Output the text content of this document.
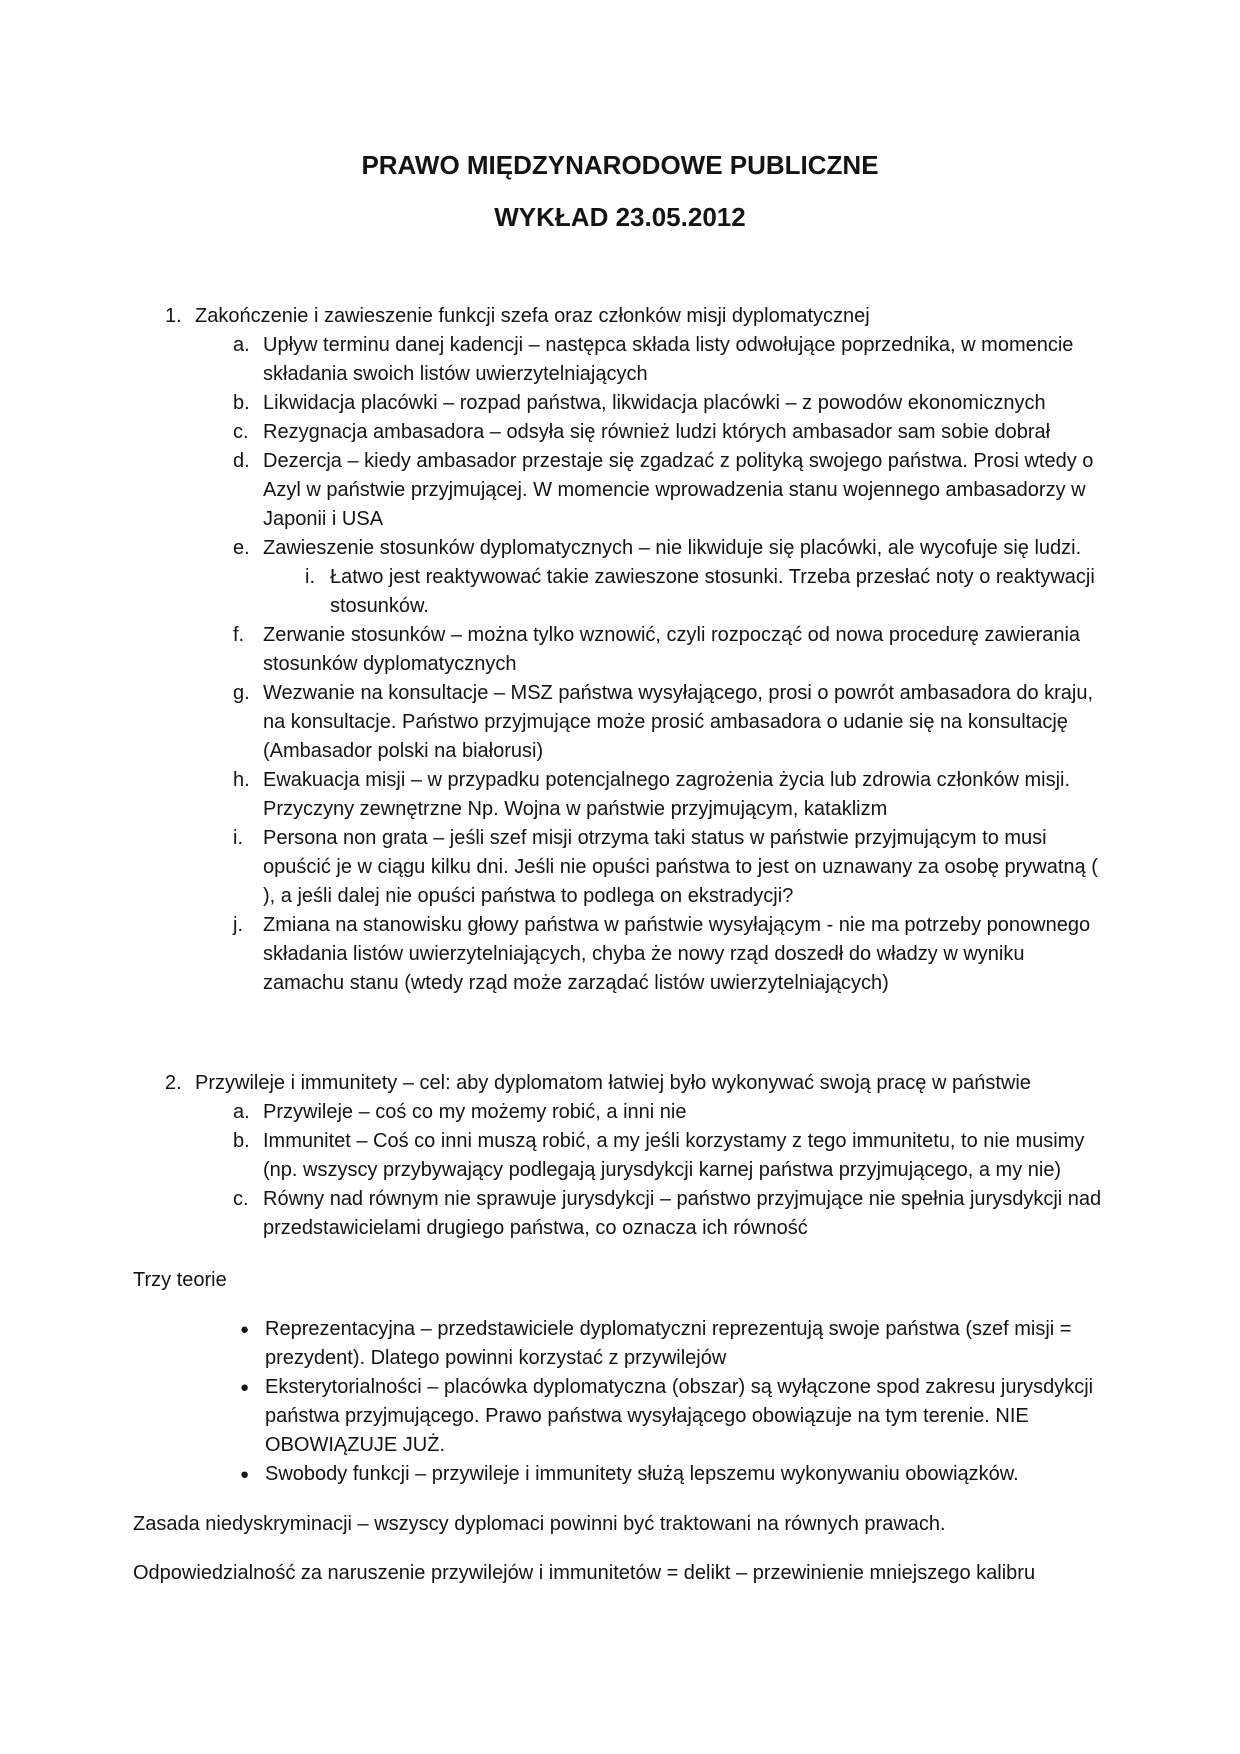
PRAWO MIĘDZYNARODOWE PUBLICZNE
WYKŁAD 23.05.2012
1. Zakończenie i zawieszenie funkcji szefa oraz członków misji dyplomatycznej
a. Upływ terminu danej kadencji – następca składa listy odwołujące poprzednika, w momencie składania swoich listów uwierzytelniających
b. Likwidacja placówki – rozpad państwa, likwidacja placówki – z powodów ekonomicznych
c. Rezygnacja ambasadora – odsyła się również ludzi których ambasador sam sobie dobrał
d. Dezercja – kiedy ambasador przestaje się zgadzać z polityką swojego państwa. Prosi wtedy o Azyl w państwie przyjmującej. W momencie wprowadzenia stanu wojennego ambasadorzy w Japonii i USA
e. Zawieszenie stosunków dyplomatycznych – nie likwiduje się placówki, ale wycofuje się ludzi.
i. Łatwo jest reaktywować takie zawieszone stosunki. Trzeba przesłać noty o reaktywacji stosunków.
f. Zerwanie stosunków – można tylko wznowić, czyli rozpocząć od nowa procedurę zawierania stosunków dyplomatycznych
g. Wezwanie na konsultacje – MSZ państwa wysyłającego, prosi o powrót ambasadora do kraju, na konsultacje. Państwo przyjmujące może prosić ambasadora o udanie się na konsultację (Ambasador polski na białorusi)
h. Ewakuacja misji – w przypadku potencjalnego zagrożenia życia lub zdrowia członków misji. Przyczyny zewnętrzne Np. Wojna w państwie przyjmującym, kataklizm
i.	Persona non grata – jeśli szef misji otrzyma taki status w państwie przyjmującym to musi opuścić je w ciągu kilku dni. Jeśli nie opuści państwa to jest on uznawany za osobę prywatną ( ), a jeśli dalej nie opuści państwa to podlega on ekstradycji?
j.	Zmiana na stanowisku głowy państwa w państwie wysyłającym - nie ma potrzeby ponownego składania listów uwierzytelniających, chyba że nowy rząd doszedł do władzy w wyniku zamachu stanu (wtedy rząd może zarządać listów uwierzytelniających)
2. Przywileje i immunitety – cel: aby dyplomatom łatwiej było wykonywać swoją pracę w państwie
a. Przywileje – coś co my możemy robić, a inni nie
b. Immunitet – Coś co inni muszą robić, a my jeśli korzystamy z tego immunitetu, to nie musimy (np. wszyscy przybywający podlegają jurysdykcji karnej państwa przyjmującego, a my nie)
c. Równy nad równym nie sprawuje jurysdykcji – państwo przyjmujące nie spełnia jurysdykcji nad przedstawicielami drugiego państwa, co oznacza ich równość

Trzy teorie

● Reprezentacyjna – przedstawiciele dyplomatyczni reprezentują swoje państwa (szef misji = prezydent). Dlatego powinni korzystać z przywilejów
● Eksterytorialności – placówka dyplomatyczna (obszar) są wyłączone spod zakresu jurysdykcji państwa przyjmującego. Prawo państwa wysyłającego obowiązuje na tym terenie. NIE OBOWIĄZUJE JUŻ.
● Swobody funkcji – przywileje i immunitety służą lepszemu wykonywaniu obowiązków.

Zasada niedyskryminacji – wszyscy dyplomaci powinni być traktowani na równych prawach.

Odpowiedzialność za naruszenie przywilejów i immunitetów = delikt – przewinienie mniejszego kalibru
